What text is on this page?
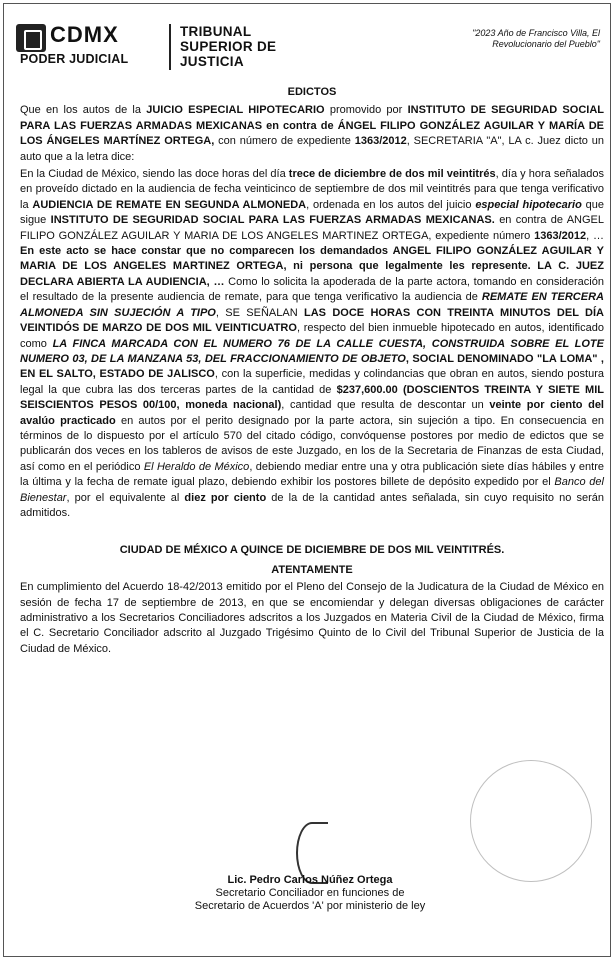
CDMX
PODER JUDICIAL
TRIBUNAL
SUPERIOR DE
JUSTICIA
"2023 Año de Francisco Villa, El
Revolucionario del Pueblo"
EDICTOS

Que en los autos de la JUICIO ESPECIAL HIPOTECARIO promovido por INSTITUTO DE SEGURIDAD SOCIAL PARA LAS FUERZAS ARMADAS MEXICANAS en contra de ÁNGEL FILIPO GONZÁLEZ AGUILAR Y MARÍA DE LOS ÁNGELES MARTÍNEZ ORTEGA, con número de expediente 1363/2012, SECRETARIA "A", LA c. Juez dicto un auto que a la letra dice:

En la Ciudad de México, siendo las doce horas del día trece de diciembre de dos mil veintitrés, día y hora señalados en proveído dictado en la audiencia de fecha veinticinco de septiembre de dos mil veintitrés para que tenga verificativo la AUDIENCIA DE REMATE EN SEGUNDA ALMONEDA, ordenada en los autos del juicio especial hipotecario que sigue INSTITUTO DE SEGURIDAD SOCIAL PARA LAS FUERZAS ARMADAS MEXICANAS. en contra de ANGEL FILIPO GONZÁLEZ AGUILAR Y MARIA DE LOS ANGELES MARTINEZ ORTEGA, expediente número 1363/2012, … En este acto se hace constar que no comparecen los demandados ANGEL FILIPO GONZÁLEZ AGUILAR Y MARIA DE LOS ANGELES MARTINEZ ORTEGA, ni persona que legalmente les represente. LA C. JUEZ DECLARA ABIERTA LA AUDIENCIA, … Como lo solicita la apoderada de la parte actora, tomando en consideración el resultado de la presente audiencia de remate, para que tenga verificativo la audiencia de REMATE EN TERCERA ALMONEDA SIN SUJECIÓN A TIPO, SE SEÑALAN LAS DOCE HORAS CON TREINTA MINUTOS DEL DÍA VEINTIDÓS DE MARZO DE DOS MIL VEINTICUATRO, respecto del bien inmueble hipotecado en autos, identificado como LA FINCA MARCADA CON EL NUMERO 76 DE LA CALLE CUESTA, CONSTRUIDA SOBRE EL LOTE NUMERO 03, DE LA MANZANA 53, DEL FRACCIONAMIENTO DE OBJETO, SOCIAL DENOMINADO "LA LOMA" , EN EL SALTO, ESTADO DE JALISCO, con la superficie, medidas y colindancias que obran en autos, siendo postura legal la que cubra las dos terceras partes de la cantidad de $237,600.00 (DOSCIENTOS TREINTA Y SIETE MIL SEISCIENTOS PESOS 00/100, moneda nacional), cantidad que resulta de descontar un veinte por ciento del avalúo practicado en autos por el perito designado por la parte actora, sin sujeción a tipo. En consecuencia en términos de lo dispuesto por el artículo 570 del citado código, convóquense postores por medio de edictos que se publicarán dos veces en los tableros de avisos de este Juzgado, en los de la Secretaria de Finanzas de esta Ciudad, así como en el periódico El Heraldo de México, debiendo mediar entre una y otra publicación siete días hábiles y entre la última y la fecha de remate igual plazo, debiendo exhibir los postores billete de depósito expedido por el Banco del Bienestar, por el equivalente al diez por ciento de la de la cantidad antes señalada, sin cuyo requisito no serán admitidos.

CIUDAD DE MÉXICO A QUINCE DE DICIEMBRE DE DOS MIL VEINTITRÉS.

ATENTAMENTE

En cumplimiento del Acuerdo 18-42/2013 emitido por el Pleno del Consejo de la Judicatura de la Ciudad de México en sesión de fecha 17 de septiembre de 2013, en que se encomiendar y delegan diversas obligaciones de carácter administrativo a los Secretarios Conciliadores adscritos a los Juzgados en Materia Civil de la Ciudad de México, firma el C. Secretario Conciliador adscrito al Juzgado Trigésimo Quinto de lo Civil del Tribunal Superior de Justicia de la Ciudad de México.

Lic. Pedro Carlos Núñez Ortega
Secretario Conciliador en funciones de
Secretario de Acuerdos 'A' por ministerio de ley
